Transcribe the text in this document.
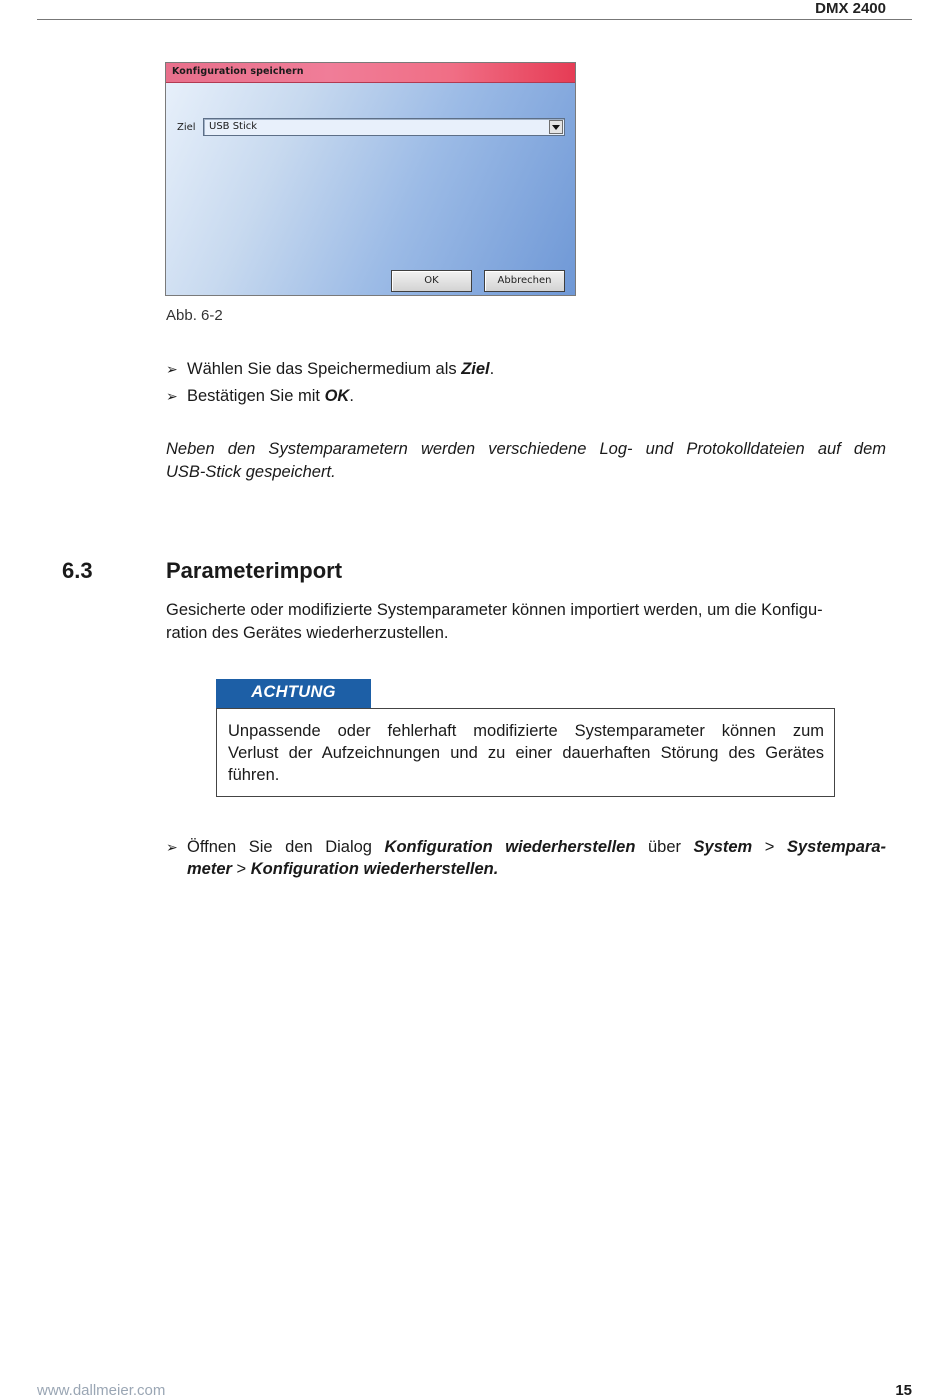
DMX 2400
Konfiguration speichern
Ziel USB Stick
OK	Abbrechen
Abb. 6-2
➢ Wählen Sie das Speichermedium als Ziel.
➢ Bestätigen Sie mit OK.
Neben den Systemparametern werden verschiedene Log- und Protokolldateien auf dem
USB-Stick gespeichert.
6.3	Parameterimport
Gesicherte oder modifizierte Systemparameter können importiert werden, um die Konfigu-
ration des Gerätes wiederherzustellen.
ACHTUNG
Unpassende oder fehlerhaft modifizierte Systemparameter können zum
Verlust der Aufzeichnungen und zu einer dauerhaften Störung des Gerätes
führen.
➢ Öffnen Sie den Dialog Konfiguration wiederherstellen über System > Systempara-
meter > Konfiguration wiederherstellen.
www.dallmeier.com	15
